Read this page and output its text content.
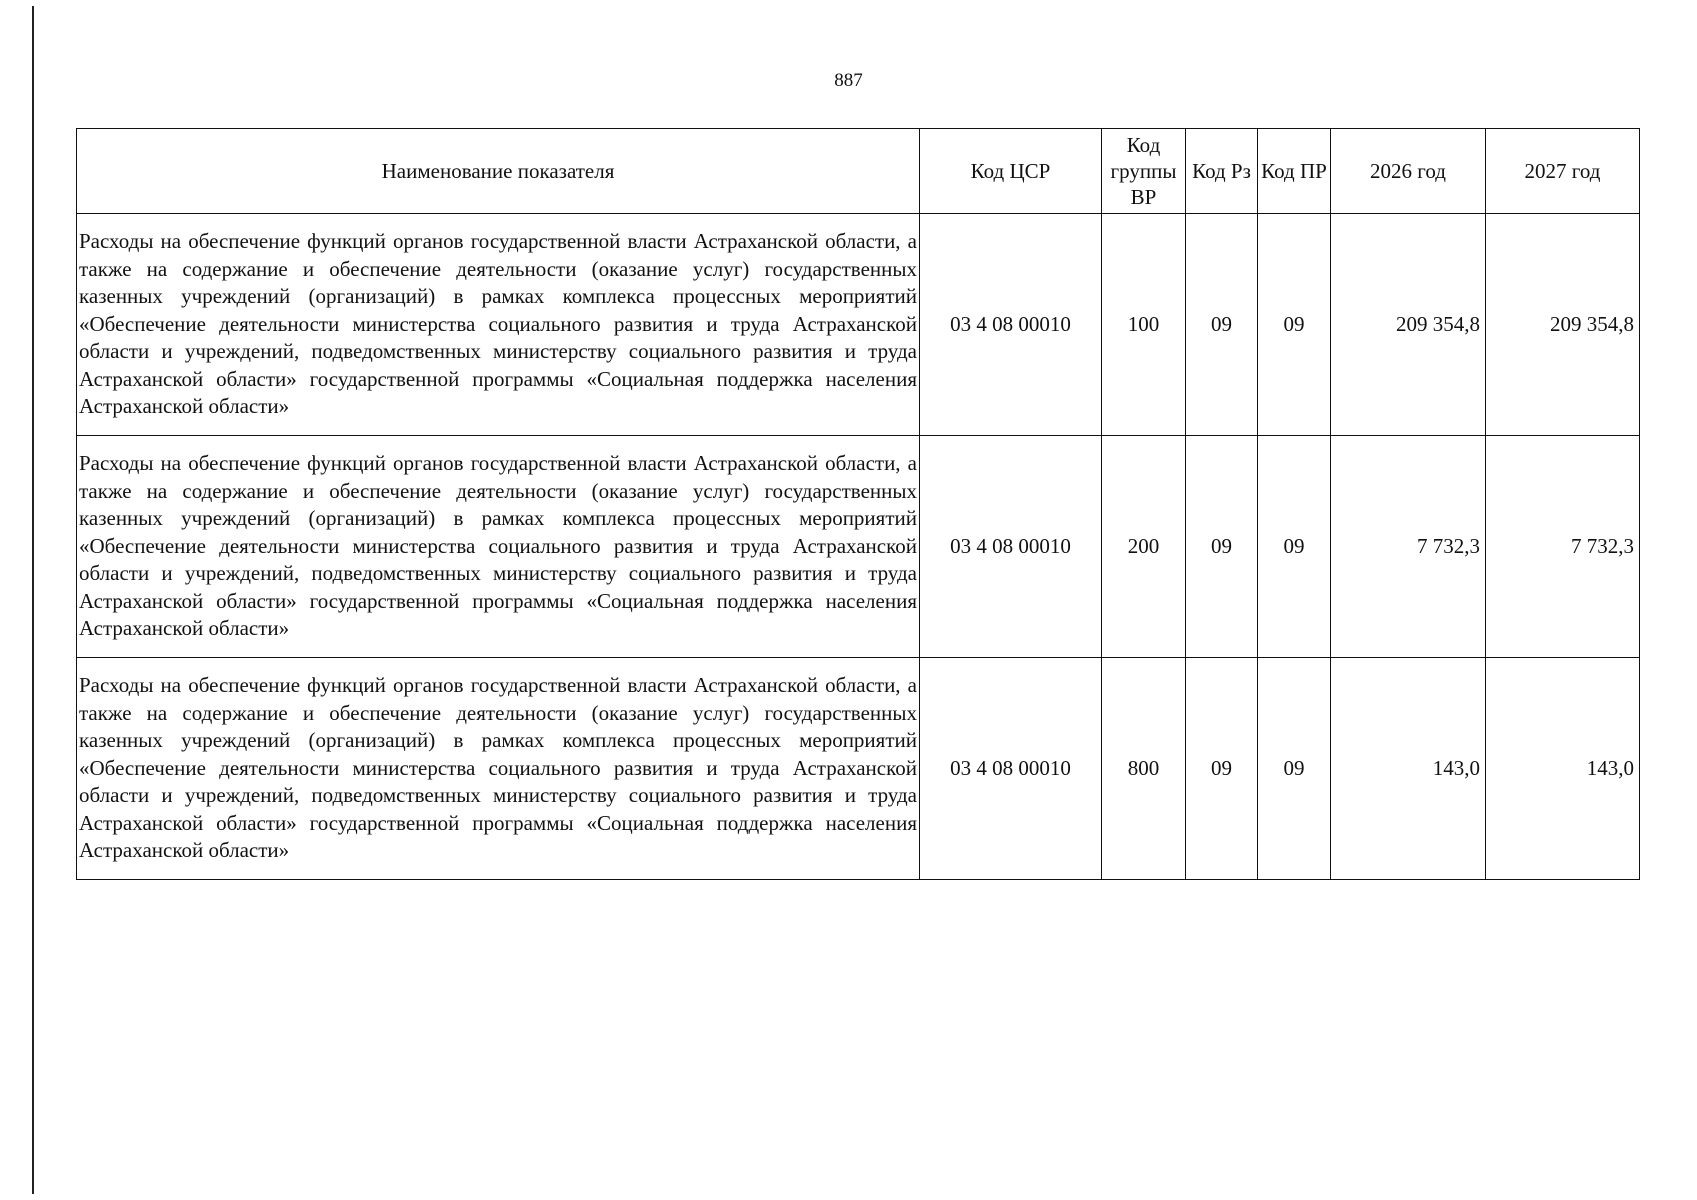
887
Наименование показателя	Код ЦСР	Код группы ВР	Код Рз	Код ПР	2026 год	2027 год
Расходы на обеспечение функций органов государственной власти Астраханской области, а также на содержание и обеспечение деятельности (оказание услуг) государственных казенных учреждений (организаций) в рамках комплекса процессных мероприятий «Обеспечение деятельности министерства социального развития и труда Астраханской области и учреждений, подведомственных министерству социального развития и труда Астраханской области» государственной программы «Социальная поддержка населения Астраханской области»	03 4 08 00010	100	09	09	209 354,8	209 354,8
Расходы на обеспечение функций органов государственной власти Астраханской области, а также на содержание и обеспечение деятельности (оказание услуг) государственных казенных учреждений (организаций) в рамках комплекса процессных мероприятий «Обеспечение деятельности министерства социального развития и труда Астраханской области и учреждений, подведомственных министерству социального развития и труда Астраханской области» государственной программы «Социальная поддержка населения Астраханской области»	03 4 08 00010	200	09	09	7 732,3	7 732,3
Расходы на обеспечение функций органов государственной власти Астраханской области, а также на содержание и обеспечение деятельности (оказание услуг) государственных казенных учреждений (организаций) в рамках комплекса процессных мероприятий «Обеспечение деятельности министерства социального развития и труда Астраханской области и учреждений, подведомственных министерству социального развития и труда Астраханской области» государственной программы «Социальная поддержка населения Астраханской области»	03 4 08 00010	800	09	09	143,0	143,0
